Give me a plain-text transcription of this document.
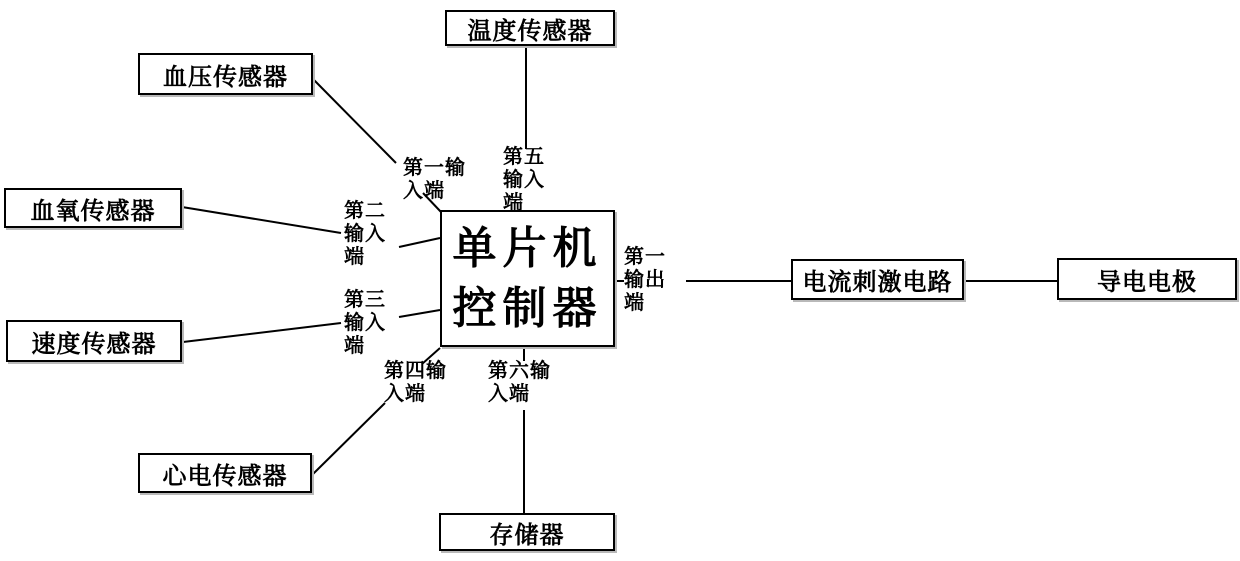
温度传感器
血压传感器
血氧传感器
速度传感器
心电传感器
存储器
单片机
控制器
电流刺激电路	导电电极
第一输
入端
第二
输入
端
第三
输入
端
第四输
入端
第五
输入
端
第六输
入端
第一
输出
端
